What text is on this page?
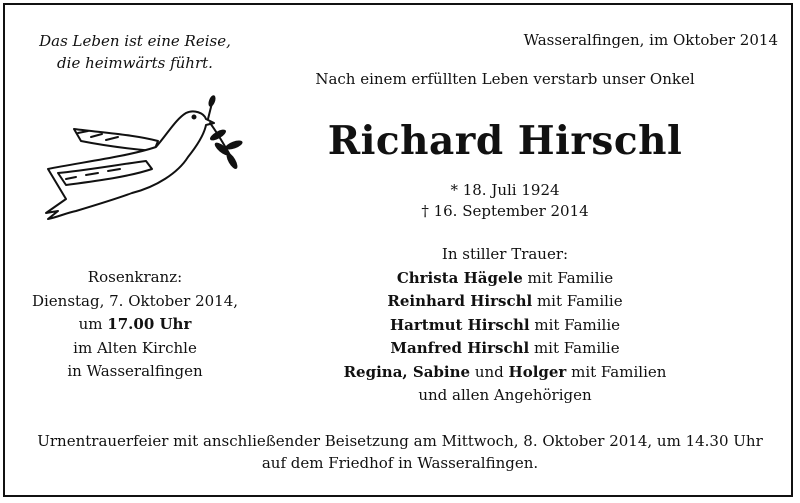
Das Leben ist eine Reise,
die heimwärts führt.
Wasseralfingen, im Oktober 2014
Nach einem erfüllten Leben verstarb unser Onkel
Richard Hirschl
* 18. Juli 1924
† 16. September 2014
In stiller Trauer:
Christa Hägele mit Familie
Reinhard Hirschl mit Familie
Hartmut Hirschl mit Familie
Manfred Hirschl mit Familie
Regina, Sabine und Holger mit Familien
und allen Angehörigen
Rosenkranz:
Dienstag, 7. Oktober 2014,
um 17.00 Uhr
im Alten Kirchle
in Wasseralfingen
Urnentrauerfeier mit anschließender Beisetzung am Mittwoch, 8. Oktober 2014, um 14.30 Uhr
auf dem Friedhof in Wasseralfingen.
